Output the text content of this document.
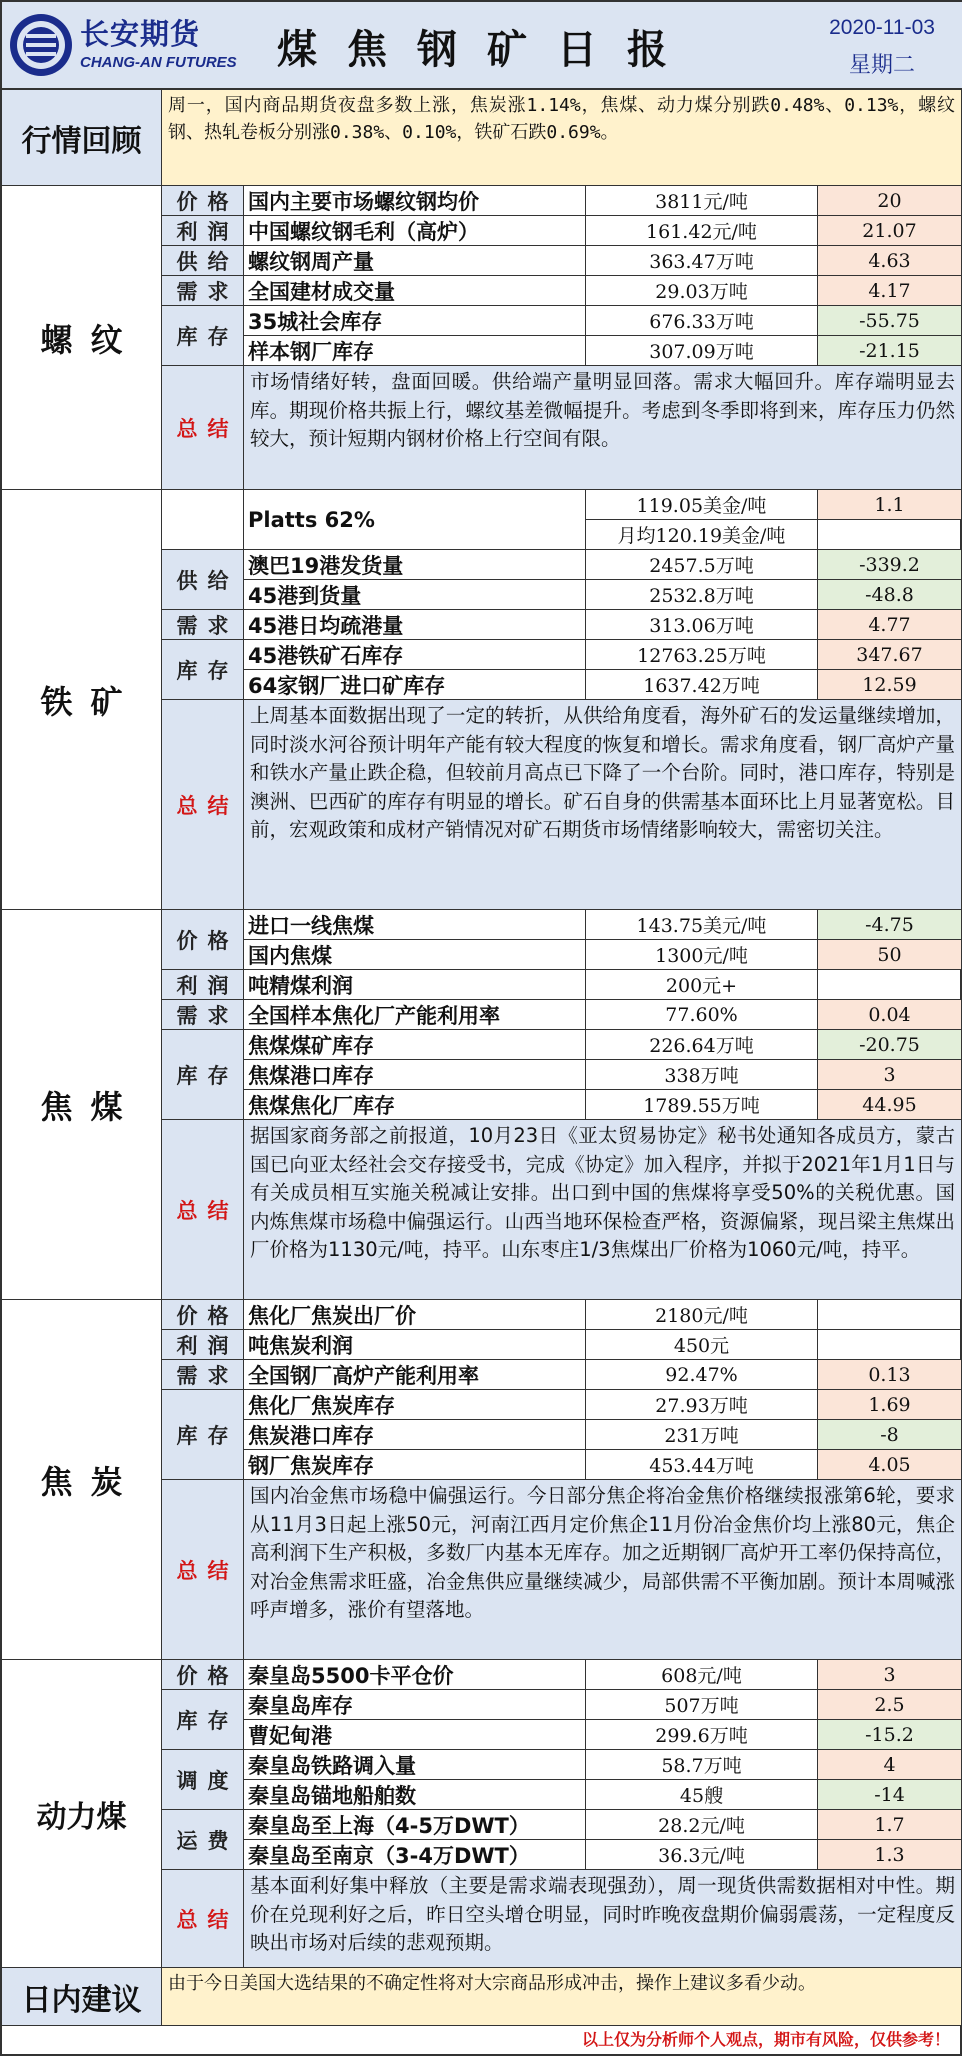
长安期货
CHANG-AN FUTURES 煤焦钢矿日报	2020-11-03
星期二
以上仅为分析师个人观点，期市有风险，仅供参考！
行情回顾
周一，国内商品期货夜盘多数上涨，焦炭涨1.14%，焦煤、动力煤分别跌0.48%、0.13%，螺纹钢、热轧卷板分别涨0.38%、0.10%，铁矿石跌0.69%。
价格 国内主要市场螺纹钢均价	3811元/吨	20
利润 中国螺纹钢毛利（高炉）	161.42元/吨	21.07
供给 螺纹钢周产量	363.47万吨	4.63
需求 全国建材成交量	29.03万吨	4.17
库存
35城社会库存	676.33万吨	-55.75
样本钢厂库存	307.09万吨	-21.15
总结
市场情绪好转，盘面回暖。供给端产量明显回落。需求大幅回升。库存端明显去库。期现价格共振上行，螺纹基差微幅提升。考虑到冬季即将到来，库存压力仍然较大，预计短期内钢材价格上行空间有限。
螺纹
Platts 62%
119.05美金/吨	1.1
月均120.19美金/吨
供给
澳巴19港发货量	2457.5万吨	-339.2
45港到货量	2532.8万吨	-48.8
需求 45港日均疏港量	313.06万吨	4.77
库存
45港铁矿石库存	12763.25万吨	347.67
64家钢厂进口矿库存	1637.42万吨	12.59
总结
上周基本面数据出现了一定的转折，从供给角度看，海外矿石的发运量继续增加，同时淡水河谷预计明年产能有较大程度的恢复和增长。需求角度看，钢厂高炉产量和铁水产量止跌企稳，但较前月高点已下降了一个台阶。同时，港口库存，特别是澳洲、巴西矿的库存有明显的增长。矿石自身的供需基本面环比上月显著宽松。目前，宏观政策和成材产销情况对矿石期货市场情绪影响较大，需密切关注。
铁矿
价格
进口一线焦煤	143.75美元/吨	-4.75
国内焦煤	1300元/吨	50
利润 吨精煤利润	200元+
需求 全国样本焦化厂产能利用率	77.60%	0.04
库存
焦煤煤矿库存	226.64万吨	-20.75
焦煤港口库存	338万吨	3
焦煤焦化厂库存	1789.55万吨	44.95
总结
据国家商务部之前报道，10月23日《亚太贸易协定》秘书处通知各成员方，蒙古国已向亚太经社会交存接受书，完成《协定》加入程序，并拟于2021年1月1日与有关成员相互实施关税减让安排。出口到中国的焦煤将享受50%的关税优惠。国内炼焦煤市场稳中偏强运行。山西当地环保检查严格，资源偏紧，现吕梁主焦煤出厂价格为1130元/吨，持平。山东枣庄1/3焦煤出厂价格为1060元/吨，持平。
焦煤
价格 焦化厂焦炭出厂价	2180元/吨
利润 吨焦炭利润	450元
需求 全国钢厂高炉产能利用率	92.47%	0.13
库存
焦化厂焦炭库存	27.93万吨	1.69
焦炭港口库存	231万吨	-8
钢厂焦炭库存	453.44万吨	4.05
总结
国内冶金焦市场稳中偏强运行。今日部分焦企将冶金焦价格继续报涨第6轮，要求从11月3日起上涨50元，河南江西月定价焦企11月份冶金焦价均上涨80元，焦企高利润下生产积极，多数厂内基本无库存。加之近期钢厂高炉开工率仍保持高位，对冶金焦需求旺盛，冶金焦供应量继续减少，局部供需不平衡加剧。预计本周喊涨呼声增多，涨价有望落地。
焦炭
价格 秦皇岛5500卡平仓价	608元/吨	3
库存
秦皇岛库存	507万吨	2.5
曹妃甸港	299.6万吨	-15.2
调度
秦皇岛铁路调入量	58.7万吨	4
秦皇岛锚地船舶数	45艘	-14
运费
秦皇岛至上海（4-5万DWT）	28.2元/吨	1.7
秦皇岛至南京（3-4万DWT）	36.3元/吨	1.3
总结
基本面利好集中释放（主要是需求端表现强劲），周一现货供需数据相对中性。期价在兑现利好之后，昨日空头增仓明显，同时昨晚夜盘期价偏弱震荡，一定程度反映出市场对后续的悲观预期。
动力煤
日内建议	由于今日美国大选结果的不确定性将对大宗商品形成冲击，操作上建议多看少动。
